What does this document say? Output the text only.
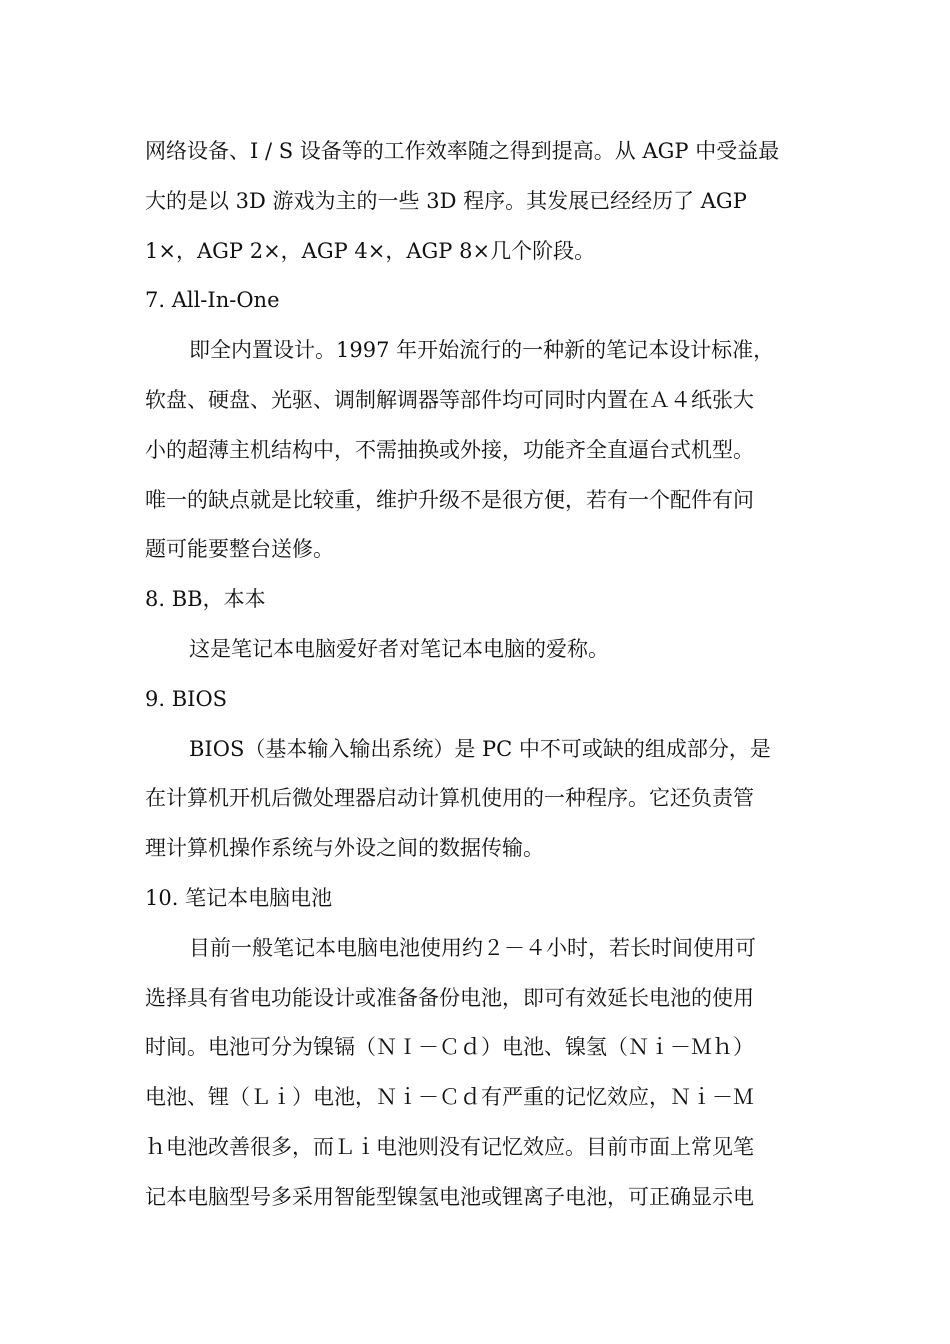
网络设备、I / S 设备等的工作效率随之得到提高。从 AGP 中受益最
大的是以 3D 游戏为主的一些 3D 程序。其发展已经经历了 AGP
1×，AGP 2×，AGP 4×，AGP 8×几个阶段。
7. All-In-One
即全内置设计。1997 年开始流行的一种新的笔记本设计标准，
软盘、硬盘、光驱、调制解调器等部件均可同时内置在Ａ４纸张大
小的超薄主机结构中，不需抽换或外接，功能齐全直逼台式机型。
唯一的缺点就是比较重，维护升级不是很方便，若有一个配件有问
题可能要整台送修。
8. BB，本本
这是笔记本电脑爱好者对笔记本电脑的爱称。
9. BIOS
BIOS（基本输入输出系统）是 PC 中不可或缺的组成部分，是
在计算机开机后微处理器启动计算机使用的一种程序。它还负责管
理计算机操作系统与外设之间的数据传输。
10. 笔记本电脑电池
目前一般笔记本电脑电池使用约２－４小时，若长时间使用可
选择具有省电功能设计或准备备份电池，即可有效延长电池的使用
时间。电池可分为镍镉（ＮＩ－Ｃｄ）电池、镍氢（Ｎｉ－Ｍｈ）
电池、锂（Ｌｉ）电池，Ｎｉ－Ｃｄ有严重的记忆效应，Ｎｉ－Ｍ
ｈ电池改善很多，而Ｌｉ电池则没有记忆效应。目前市面上常见笔
记本电脑型号多采用智能型镍氢电池或锂离子电池，可正确显示电
